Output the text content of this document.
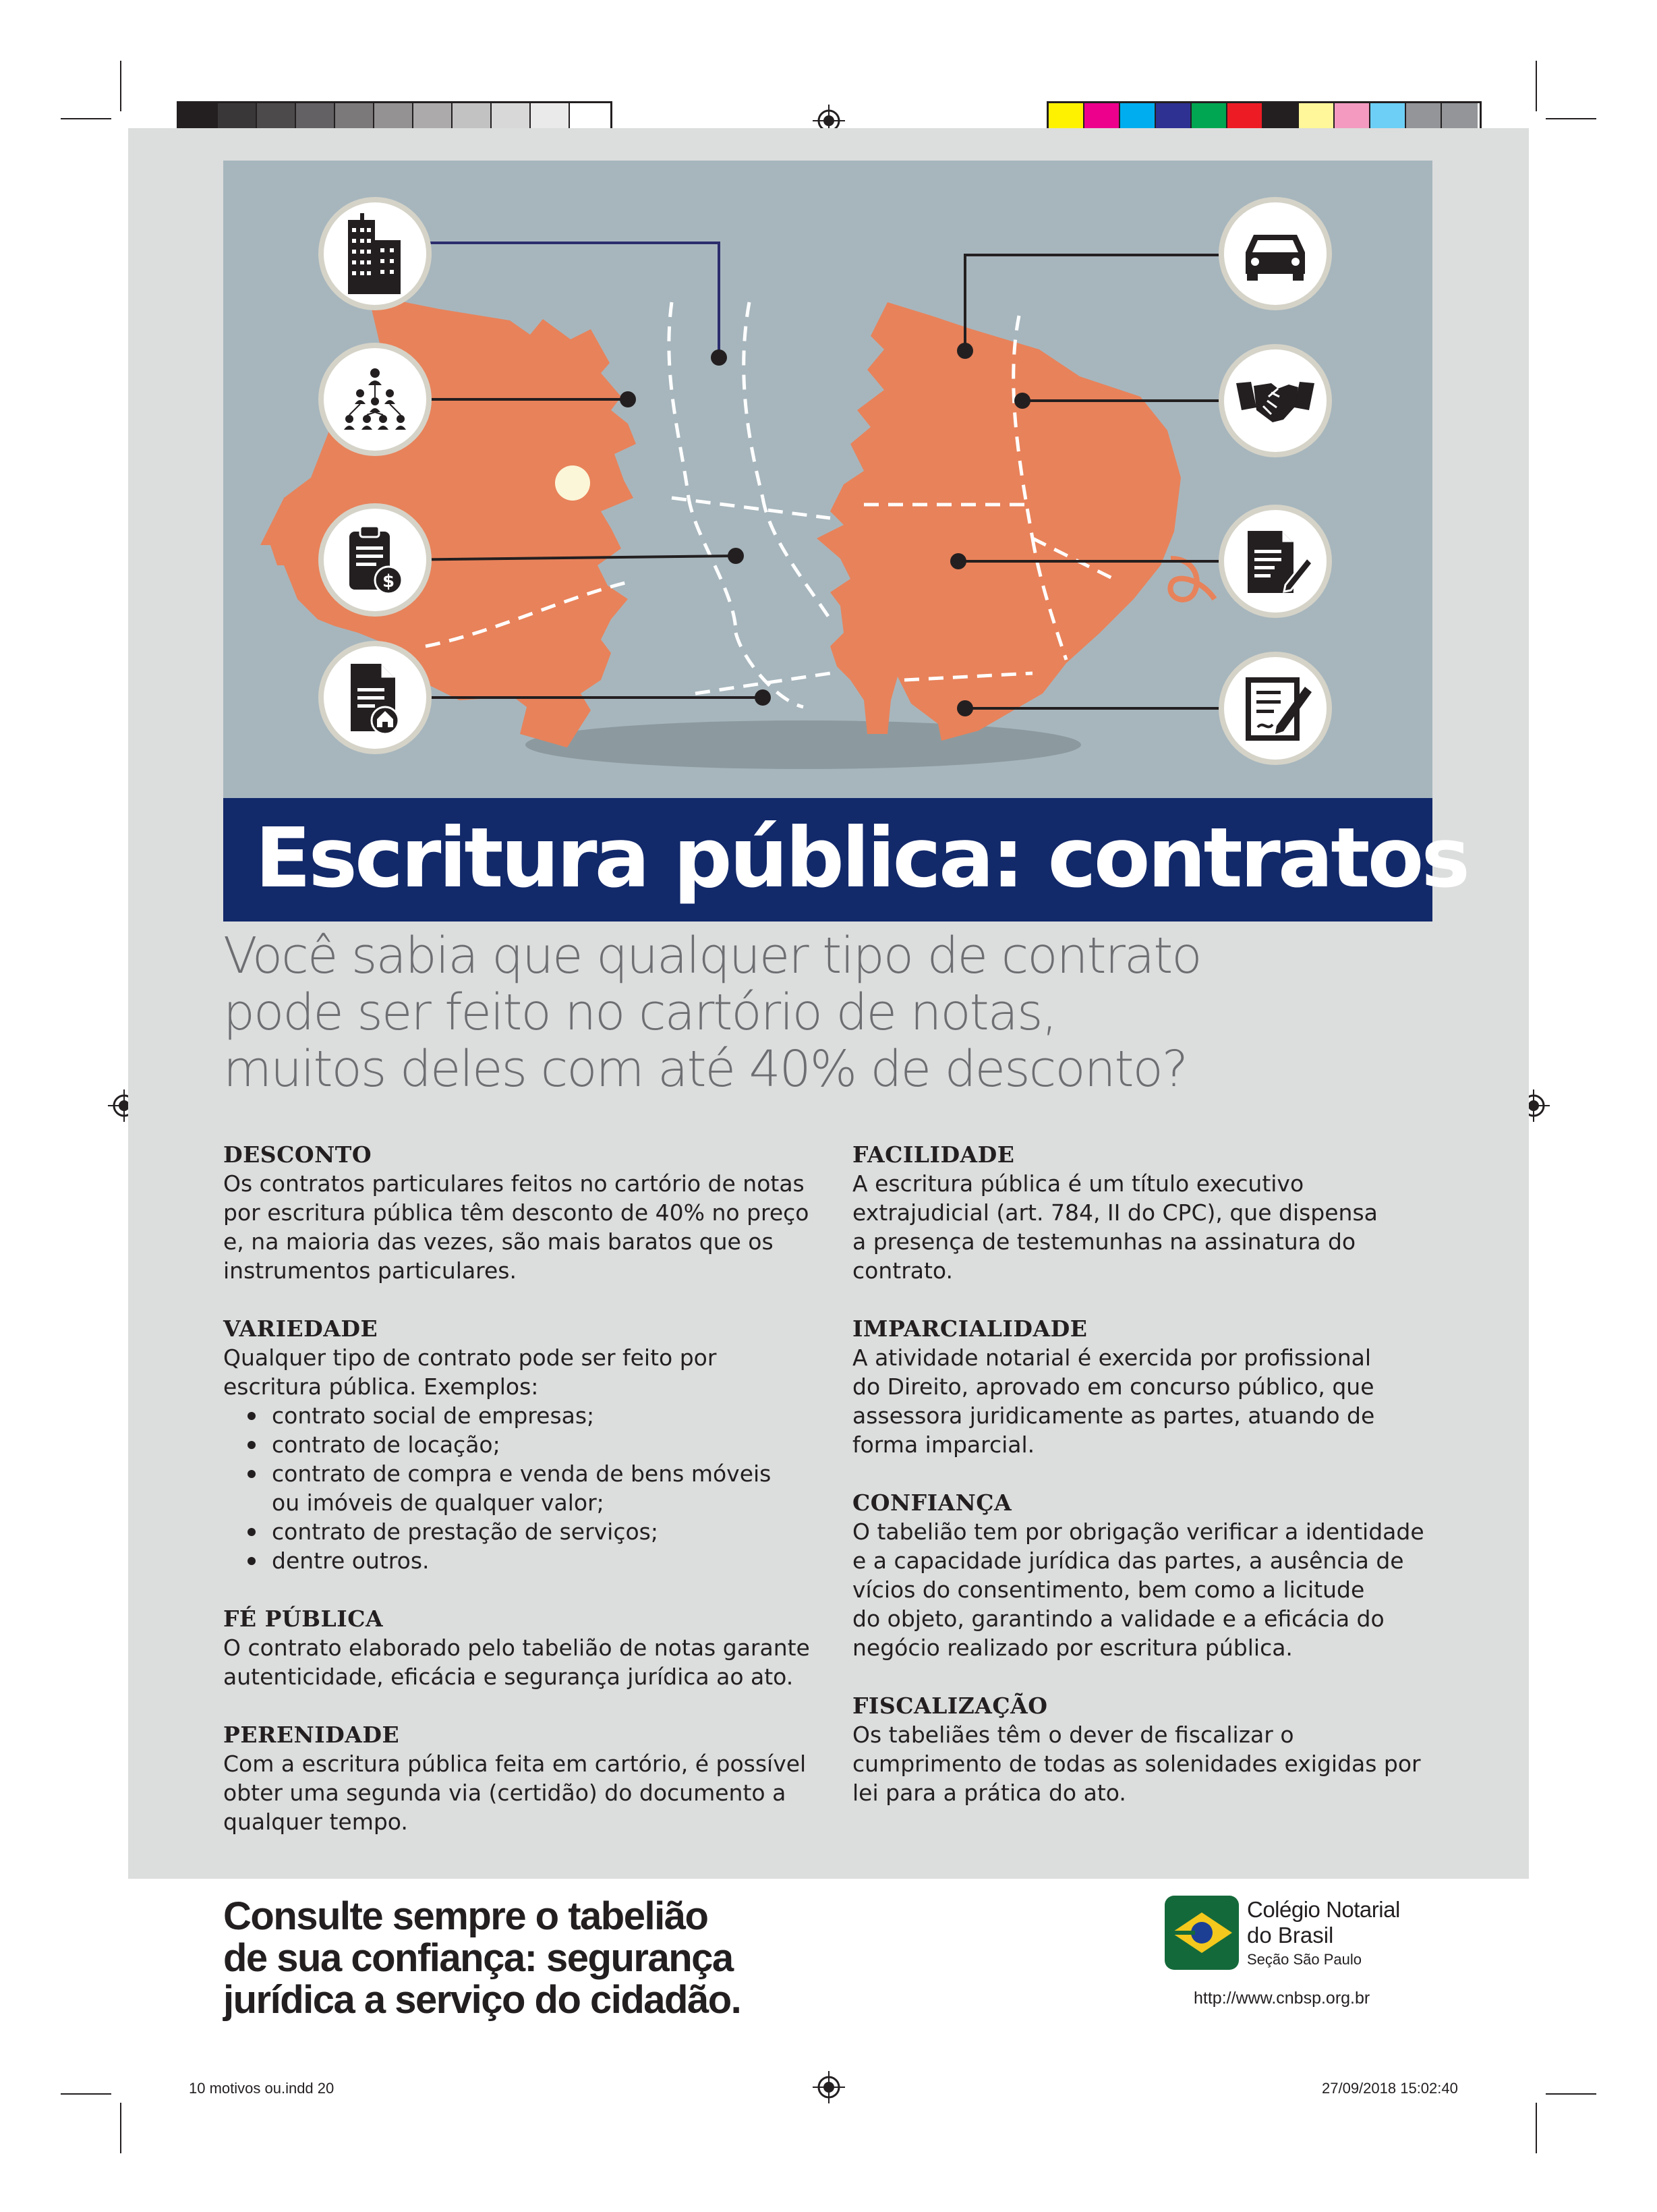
$
Escritura pública: contratos
Você sabia que qualquer tipo de contrato
pode ser feito no cartório de notas,
muitos deles com até 40% de desconto?
DESCONTO

Os contratos particulares feitos no cartório de notas

por escritura pública têm desconto de 40% no preço

e, na maioria das vezes, são mais baratos que os

instrumentos particulares.

VARIEDADE

Qualquer tipo de contrato pode ser feito por

escritura pública. Exemplos:

contrato social de empresas;
contrato de locação;
contrato de compra e venda de bens móveis
ou imóveis de qualquer valor;
contrato de prestação de serviços;
dentre outros.
FÉ PÚBLICA

O contrato elaborado pelo tabelião de notas garante

autenticidade, eficácia e segurança jurídica ao ato.

PERENIDADE

Com a escritura pública feita em cartório, é possível

obter uma segunda via (certidão) do documento a

qualquer tempo.

FACILIDADE

A escritura pública é um título executivo

extrajudicial (art. 784, II do CPC), que dispensa

a presença de testemunhas na assinatura do

contrato.

IMPARCIALIDADE

A atividade notarial é exercida por profissional

do Direito, aprovado em concurso público, que

assessora juridicamente as partes, atuando de

forma imparcial.

CONFIANÇA

O tabelião tem por obrigação verificar a identidade

e a capacidade jurídica das partes, a ausência de

vícios do consentimento, bem como a licitude

do objeto, garantindo a validade e a eficácia do

negócio realizado por escritura pública.

FISCALIZAÇÃO

Os tabeliães têm o dever de fiscalizar o

cumprimento de todas as solenidades exigidas por

lei para a prática do ato.

Consulte sempre o tabelião
de sua confiança: segurança
jurídica a serviço do cidadão.
Colégio Notarial
do Brasil
Seção São Paulo
http://www.cnbsp.org.br
10 motivos ou.indd 20	27/09/2018 15:02:40
